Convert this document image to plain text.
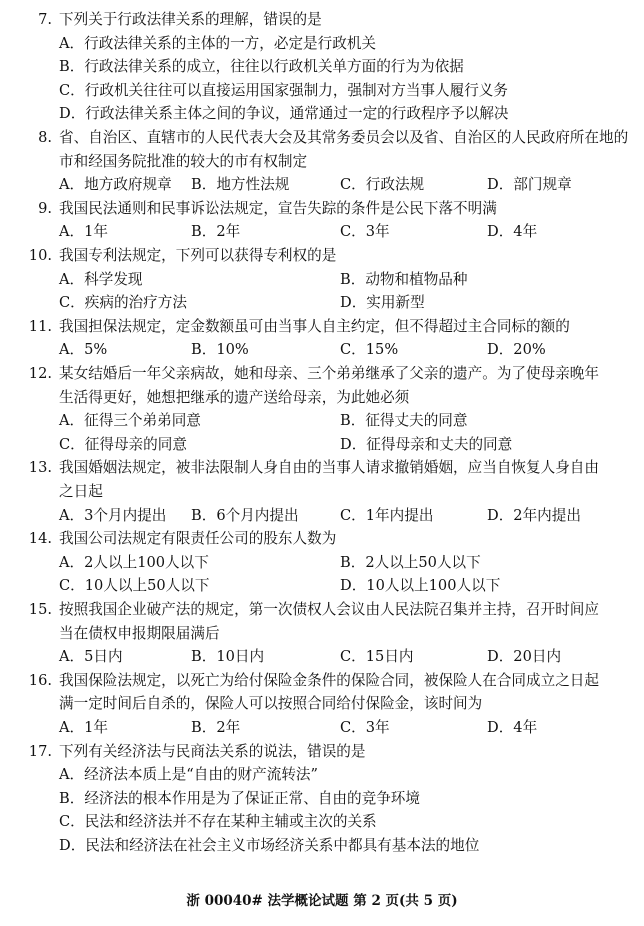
7. 下列关于行政法律关系的理解，错误的是
A．行政法律关系的主体的一方，必定是行政机关
B．行政法律关系的成立，往往以行政机关单方面的行为为依据
C．行政机关往往可以直接运用国家强制力，强制对方当事人履行义务
D．行政法律关系主体之间的争议，通常通过一定的行政程序予以解决
8. 省、自治区、直辖市的人民代表大会及其常务委员会以及省、自治区的人民政府所在地的
市和经国务院批准的较大的市有权制定
A．地方政府规章 B．地方性法规	C．行政法规	D．部门规章
9. 我国民法通则和民事诉讼法规定，宣告失踪的条件是公民下落不明满
A．1年	B．2年	C．3年	D．4年
10. 我国专利法规定，下列可以获得专利权的是
A．科学发现	B．动物和植物品种
C．疾病的治疗方法	D．实用新型
11. 我国担保法规定，定金数额虽可由当事人自主约定，但不得超过主合同标的额的
A．5%	B．10%	C．15%	D．20%
12. 某女结婚后一年父亲病故，她和母亲、三个弟弟继承了父亲的遗产。为了使母亲晚年
生活得更好，她想把继承的遗产送给母亲，为此她必须
A．征得三个弟弟同意	B．征得丈夫的同意
C．征得母亲的同意	D．征得母亲和丈夫的同意
13. 我国婚姻法规定，被非法限制人身自由的当事人请求撤销婚姻，应当自恢复人身自由
之日起
A．3个月内提出 B．6个月内提出	C．1年内提出	D．2年内提出
14. 我国公司法规定有限责任公司的股东人数为
A．2人以上100人以下	B．2人以上50人以下
C．10人以上50人以下	D．10人以上100人以下
15. 按照我国企业破产法的规定，第一次债权人会议由人民法院召集并主持，召开时间应
当在债权申报期限届满后
A．5日内	B．10日内	C．15日内	D．20日内
16. 我国保险法规定，以死亡为给付保险金条件的保险合同，被保险人在合同成立之日起
满一定时间后自杀的，保险人可以按照合同给付保险金，该时间为
A．1年	B．2年	C．3年	D．4年
17. 下列有关经济法与民商法关系的说法，错误的是
A．经济法本质上是“自由的财产流转法”
B．经济法的根本作用是为了保证正常、自由的竞争环境
C．民法和经济法并不存在某种主辅或主次的关系
D．民法和经济法在社会主义市场经济关系中都具有基本法的地位
浙 00040# 法学概论试题 第 2 页(共 5 页)
